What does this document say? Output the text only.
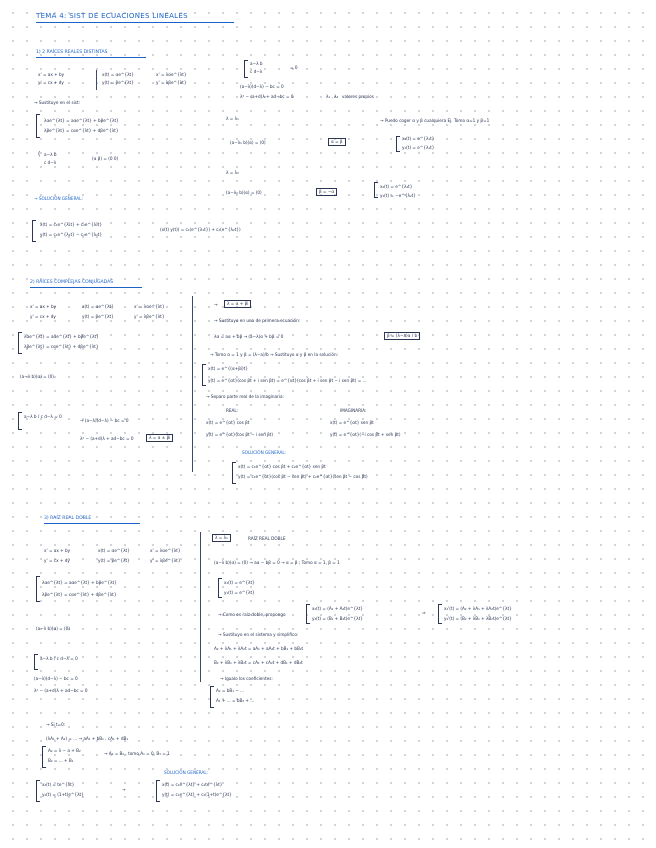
TEMA 4: SIST DE ECUACIONES LINEALES
1) 2 RAÍCES REALES DISTINTAS
x' = ax + by
y' = cx + dy
x(t) = αe^{λt}
y(t) = βe^{λt}
x' = λαe^{λt}
y' = λβe^{λt}
a−λ b
c d−λ
= 0
(a−λ)(d−λ) − bc = 0
λ² − (a+d)λ + ad−bc = 0	λ₁ , λ₂ valores propios
→ Sustituye en el sist:
λαe^{λt} = aαe^{λt} + bβe^{λt}
λβe^{λt} = cαe^{λt} + dβe^{λt}
( a−λ b
c d−λ
(α β) = (0 0)
λ = λ₁
(a−λ₁ b)(α) = (0)	α = β
→ Puedo coger α y β cualquiera Ej. Tomo α=1 y β=1
x₁(t) = e^{λ₁t}
y₁(t) = e^{λ₁t}
λ = λ₂
(a−λ₂ b)(α) = (0)	β = −α
x₂(t) = e^{λ₂t}
y₂(t) = −e^{λ₂t}
→ SOLUCIÓN GENERAL:
x(t) = c₁e^{λ₁t} + c₂e^{λ₂t}
y(t) = c₁e^{λ₁t} − c₂e^{λ₂t}
(x(t) y(t)) = c₁(e^{λ₁t}) + c₂(e^{λ₂t})
2) RAÍCES COMPLEJAS CONJUGADAS
x' = ax + by
y' = cx + dy
x(t) = αe^{λt}
y(t) = βe^{λt}
x' = λαe^{λt}
y' = λβe^{λt}
λαe^{λt} = aαe^{λt} + bβe^{λt}
λβe^{λt} = cαe^{λt} + dβe^{λt}
(a−λ b)(α) = (0)
a−λ b / c d−λ = 0
→ (a−λ)(d−λ) − bc = 0
λ² − (a+d)λ + ad−bc = 0	λ = α ± βi
→	λ = α + βi
→ Sustituyo en una de primera ecuación:
λα = aα + bβ → (a−λ)α + bβ = 0	β = (λ−a)α / b
→ Tomo α = 1 y β = (λ−a)/b → Sustituyo α y β en la solución:
x(t) = e^{(α+βi)t}
y(t) = e^{αt}(cos βt + i sen βt) = e^{αt}(cos βt + i sen βt − i sen βt) = ...
→ Separo parte real de la imaginaria:
REAL:	IMAGINARIA:
x(t) = e^{αt} cos βt
y(t) = e^{αt}(cos βt − i sen βt)
x(t) = e^{αt} sen βt
y(t) = e^{αt}(−i cos βt + sen βt)
SOLUCIÓN GENERAL:
x(t) = c₁e^{αt} cos βt + c₂e^{αt} sen βt
y(t) = c₁e^{αt}(cos βt − sen βt) + c₂e^{αt}(sen βt − cos βt)
3) RAÍZ REAL DOBLE
x' = ax + by
y' = cx + dy
x(t) = αe^{λt}
y(t) = βe^{λt}
x' = λαe^{λt}
y' = λβe^{λt}
λαe^{λt} = aαe^{λt} + bβe^{λt}
λβe^{λt} = cαe^{λt} + dβe^{λt}
(a−λ b)(α) = (0)
a−λ b / c d−λ = 0
(a−λ)(d−λ) − bc = 0
λ² − (a+d)λ + ad−bc = 0
λ = λ₁	RAÍZ REAL DOBLE
(a−λ b)(α) = (0) → aα − bβ = 0 → α = β ; Tomo α = 1, β = 1
x₁(t) = e^{λt}
y₁(t) = e^{λt}
→ Como es raíz doble, propongo
x₂(t) = (A₁ + A₂t)e^{λt}
y₂(t) = (B₁ + B₂t)e^{λt}
⇒
x₂'(t) = (A₂ + λA₁ + λA₂t)e^{λt}
y₂'(t) = (B₂ + λB₁ + λB₂t)e^{λt}
→ Sustituyo en el sistema y simplifico:
A₂ + λA₁ + λA₂t = aA₁ + aA₂t + bB₁ + bB₂t
B₂ + λB₁ + λB₂t = cA₁ + cA₂t + dB₁ + dB₂t
→ Igualo los coeficientes:
A₂ = bB₁ − ...
A₁ + ... = bB₂ + ...
→ Si t=0:
(λA₁ + A₂) = ... → aA₁ + bB₁ , cA₁ + dB₁
A₂ = λ − a + B₂
B₂ = ... + B₁
→ A₂ = B₂ , tomo A₁ = 0, B₁ = 1
SOLUCIÓN GENERAL:
x₂(t) = te^{λt}
y₂(t) = (1+t)e^{λt}
→
x(t) = c₁e^{λt} + c₂te^{λt}
y(t) = c₁e^{λt} + c₂(1+t)e^{λt}
